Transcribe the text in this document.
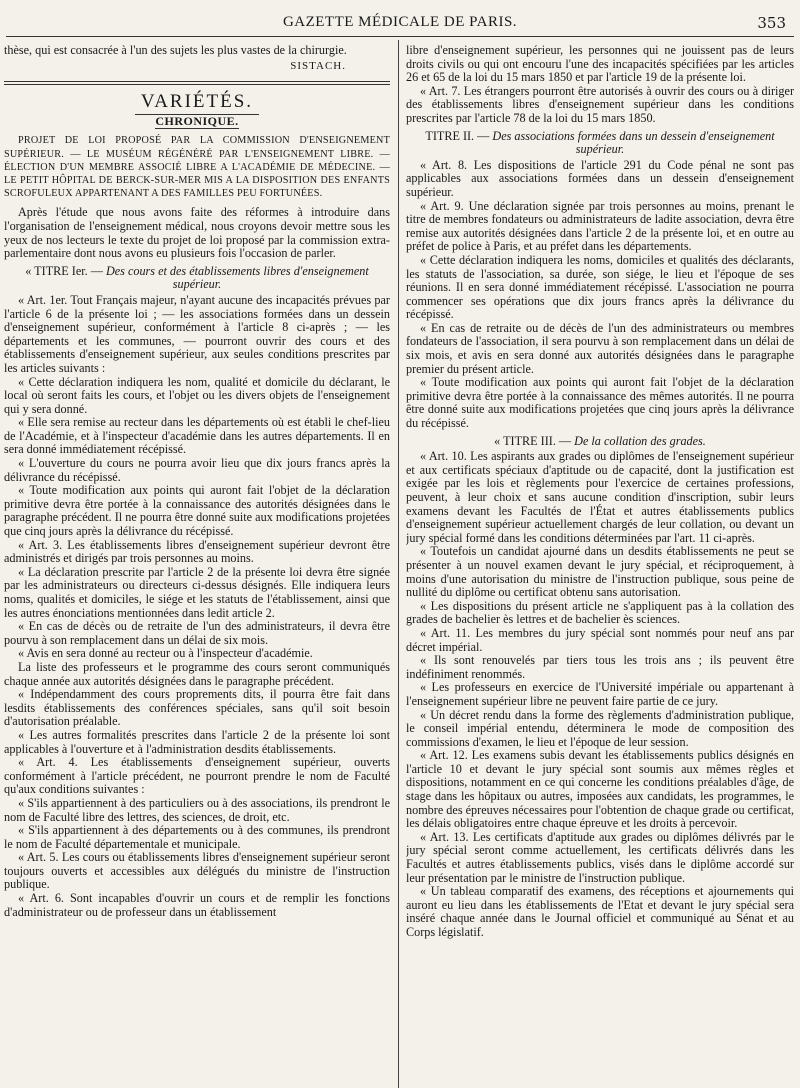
GAZETTE MÉDICALE DE PARIS.	353

thèse, qui est consacrée à l'un des sujets les plus vastes de la chirurgie.

SISTACH.
VARIÉTÉS.
CHRONIQUE.

PROJET DE LOI PROPOSÉ PAR LA COMMISSION D'ENSEIGNEMENT SUPÉRIEUR. — LE MUSÉUM RÉGÉNÉRÉ PAR L'ENSEIGNEMENT LIBRE. — ÉLECTION D'UN MEMBRE ASSOCIÉ LIBRE A L'ACADÉMIE DE MÉDECINE. — LE PETIT HÔPITAL DE BERCK-SUR-MER MIS A LA DISPOSITION DES ENFANTS SCROFULEUX APPARTENANT A DES FAMILLES PEU FORTUNÉES.

Après l'étude que nous avons faite des réformes à introduire dans l'organisation de l'enseignement médical, nous croyons devoir mettre sous les yeux de nos lecteurs le texte du projet de loi proposé par la commission extra-parlementaire dont nous avons eu plusieurs fois l'occasion de parler.

« TITRE Ier. — Des cours et des établissements libres d'enseignement supérieur.

« Art. 1er. Tout Français majeur, n'ayant aucune des incapacités prévues par l'article 6 de la présente loi ; — les associations formées dans un dessein d'enseignement supérieur, conformément à l'article 8 ci-après ; — les départements et les communes, — pourront ouvrir des cours et des établissements d'enseignement supérieur, aux seules conditions prescrites par les articles suivants :

« Cette déclaration indiquera les nom, qualité et domicile du déclarant, le local où seront faits les cours, et l'objet ou les divers objets de l'enseignement qui y sera donné.

« Elle sera remise au recteur dans les départements où est établi le chef-lieu de l'Académie, et à l'inspecteur d'académie dans les autres départements. Il en sera donné immédiatement récépissé.

« L'ouverture du cours ne pourra avoir lieu que dix jours francs après la délivrance du récépissé.

« Toute modification aux points qui auront fait l'objet de la déclaration primitive devra être portée à la connaissance des autorités désignées dans le paragraphe précédent. Il ne pourra être donné suite aux modifications projetées que cinq jours après la délivrance du récépissé.

« Art. 3. Les établissements libres d'enseignement supérieur devront être administrés et dirigés par trois personnes au moins.

« La déclaration prescrite par l'article 2 de la présente loi devra être signée par les administrateurs ou directeurs ci-dessus désignés. Elle indiquera leurs noms, qualités et domiciles, le siége et les statuts de l'établissement, ainsi que les autres énonciations mentionnées dans ledit article 2.

« En cas de décès ou de retraite de l'un des administrateurs, il devra être pourvu à son remplacement dans un délai de six mois.

« Avis en sera donné au recteur ou à l'inspecteur d'académie.

La liste des professeurs et le programme des cours seront communiqués chaque année aux autorités désignées dans le paragraphe précédent.

« Indépendamment des cours proprements dits, il pourra être fait dans lesdits établissements des conférences spéciales, sans qu'il soit besoin d'autorisation préalable.

« Les autres formalités prescrites dans l'article 2 de la présente loi sont applicables à l'ouverture et à l'administration desdits établissements.

« Art. 4. Les établissements d'enseignement supérieur, ouverts conformément à l'article précédent, ne pourront prendre le nom de Faculté qu'aux conditions suivantes :

« S'ils appartiennent à des particuliers ou à des associations, ils prendront le nom de Faculté libre des lettres, des sciences, de droit, etc.

« S'ils appartiennent à des départements ou à des communes, ils prendront le nom de Faculté départementale et municipale.

« Art. 5. Les cours ou établissements libres d'enseignement supérieur seront toujours ouverts et accessibles aux délégués du ministre de l'instruction publique.

« Art. 6. Sont incapables d'ouvrir un cours et de remplir les fonctions d'administrateur ou de professeur dans un établissement

libre d'enseignement supérieur, les personnes qui ne jouissent pas de leurs droits civils ou qui ont encouru l'une des incapacités spécifiées par les articles 26 et 65 de la loi du 15 mars 1850 et par l'article 19 de la présente loi.

« Art. 7. Les étrangers pourront être autorisés à ouvrir des cours ou à diriger des établissements libres d'enseignement supérieur dans les conditions prescrites par l'article 78 de la loi du 15 mars 1850.

TITRE II. — Des associations formées dans un dessein d'enseignement supérieur.

« Art. 8. Les dispositions de l'article 291 du Code pénal ne sont pas applicables aux associations formées dans un dessein d'enseignement supérieur.

« Art. 9. Une déclaration signée par trois personnes au moins, prenant le titre de membres fondateurs ou administrateurs de ladite association, devra être remise aux autorités désignées dans l'article 2 de la présente loi, et en outre au préfet de police à Paris, et au préfet dans les départements.

« Cette déclaration indiquera les noms, domiciles et qualités des déclarants, les statuts de l'association, sa durée, son siége, le lieu et l'époque de ses réunions. Il en sera donné immédiatement récépissé. L'association ne pourra commencer ses opérations que dix jours francs après la délivrance du récépissé.

« En cas de retraite ou de décès de l'un des administrateurs ou membres fondateurs de l'association, il sera pourvu à son remplacement dans un délai de six mois, et avis en sera donné aux autorités désignées dans le paragraphe premier du présent article.

« Toute modification aux points qui auront fait l'objet de la déclaration primitive devra être portée à la connaissance des mêmes autorités. Il ne pourra être donné suite aux modifications projetées que cinq jours après la délivrance du récépissé.

« TITRE III. — De la collation des grades.

« Art. 10. Les aspirants aux grades ou diplômes de l'enseignement supérieur et aux certificats spéciaux d'aptitude ou de capacité, dont la justification est exigée par les lois et règlements pour l'exercice de certaines professions, peuvent, à leur choix et sans aucune condition d'inscription, subir leurs examens devant les Facultés de l'État et autres établissements publics d'enseignement supérieur actuellement chargés de leur collation, ou devant un jury spécial formé dans les conditions déterminées par l'art. 11 ci-après.

« Toutefois un candidat ajourné dans un desdits établissements ne peut se présenter à un nouvel examen devant le jury spécial, et réciproquement, à moins d'une autorisation du ministre de l'instruction publique, sous peine de nullité du diplôme ou certificat obtenu sans autorisation.

« Les dispositions du présent article ne s'appliquent pas à la collation des grades de bachelier ès lettres et de bachelier ès sciences.

« Art. 11. Les membres du jury spécial sont nommés pour neuf ans par décret impérial.

« Ils sont renouvelés par tiers tous les trois ans ; ils peuvent être indéfiniment renommés.

« Les professeurs en exercice de l'Université impériale ou appartenant à l'enseignement supérieur libre ne peuvent faire partie de ce jury.

« Un décret rendu dans la forme des règlements d'administration publique, le conseil impérial entendu, déterminera le mode de composition des commissions d'examen, le lieu et l'époque de leur session.

« Art. 12. Les examens subis devant les établissements publics désignés en l'article 10 et devant le jury spécial sont soumis aux mêmes règles et dispositions, notamment en ce qui concerne les conditions préalables d'âge, de stage dans les hôpitaux ou autres, imposées aux candidats, les programmes, le nombre des épreuves nécessaires pour l'obtention de chaque grade ou certificat, les délais obligatoires entre chaque épreuve et les droits à percevoir.

« Art. 13. Les certificats d'aptitude aux grades ou diplômes délivrés par le jury spécial seront comme actuellement, les certificats délivrés dans les Facultés et autres établissements publics, visés dans le diplôme accordé sur leur présentation par le ministre de l'instruction publique.

« Un tableau comparatif des examens, des réceptions et ajournements qui auront eu lieu dans les établissements de l'Etat et devant le jury spécial sera inséré chaque année dans le Journal officiel et communiqué au Sénat et au Corps législatif.
